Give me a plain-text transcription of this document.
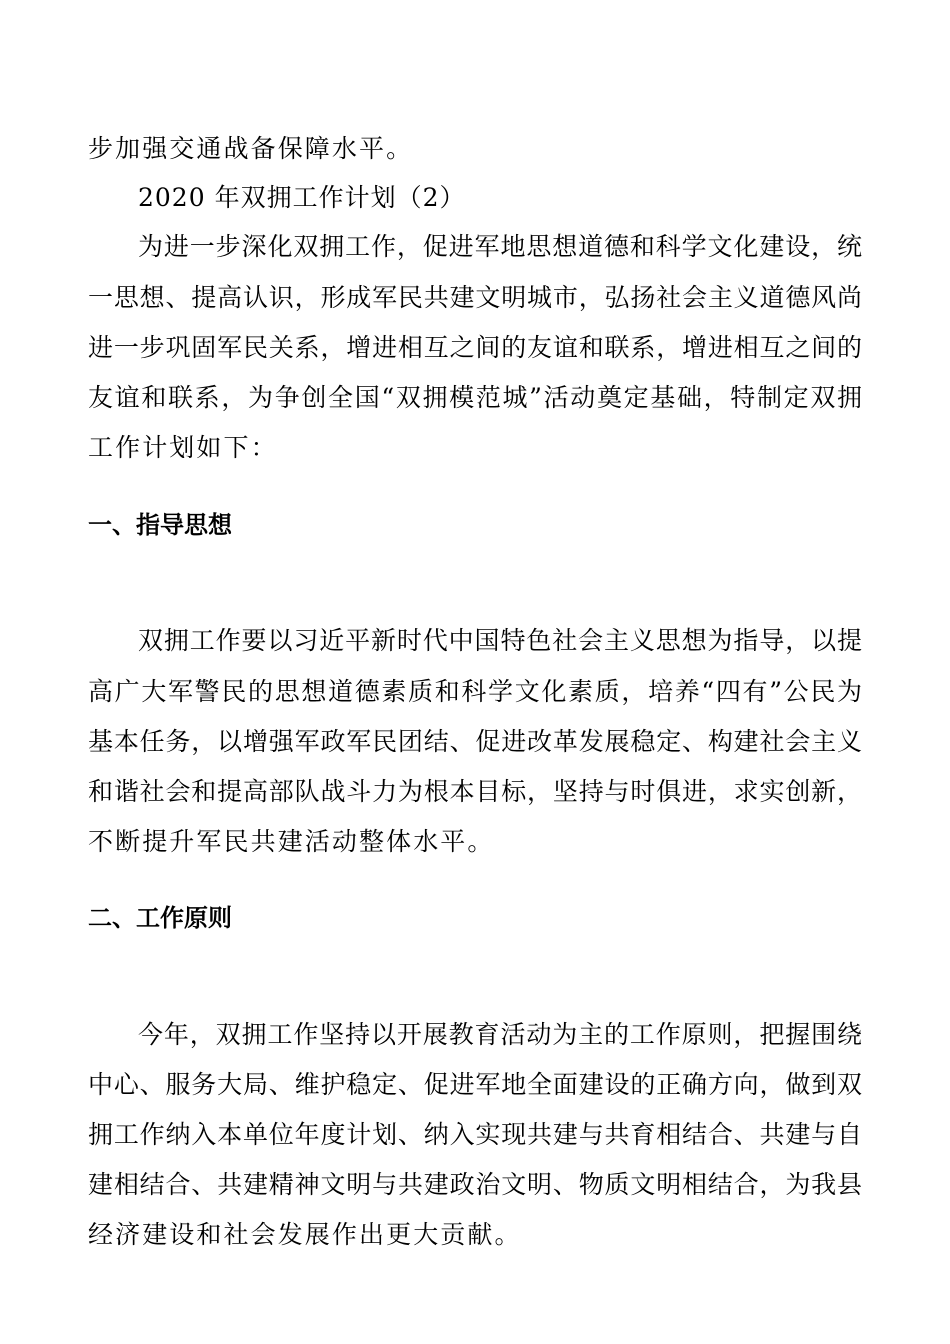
步加强交通战备保障水平。
2020 年双拥工作计划（2）
为进一步深化双拥工作，促进军地思想道德和科学文化建设，统
一思想、提高认识，形成军民共建文明城市，弘扬社会主义道德风尚
进一步巩固军民关系，增进相互之间的友谊和联系，增进相互之间的
友谊和联系，为争创全国“双拥模范城”活动奠定基础，特制定双拥
工作计划如下：
一、指导思想
双拥工作要以习近平新时代中国特色社会主义思想为指导，以提
高广大军警民的思想道德素质和科学文化素质，培养“四有”公民为
基本任务，以增强军政军民团结、促进改革发展稳定、构建社会主义
和谐社会和提高部队战斗力为根本目标，坚持与时俱进，求实创新，
不断提升军民共建活动整体水平。
二、工作原则
今年，双拥工作坚持以开展教育活动为主的工作原则，把握围绕
中心、服务大局、维护稳定、促进军地全面建设的正确方向，做到双
拥工作纳入本单位年度计划、纳入实现共建与共育相结合、共建与自
建相结合、共建精神文明与共建政治文明、物质文明相结合，为我县
经济建设和社会发展作出更大贡献。
